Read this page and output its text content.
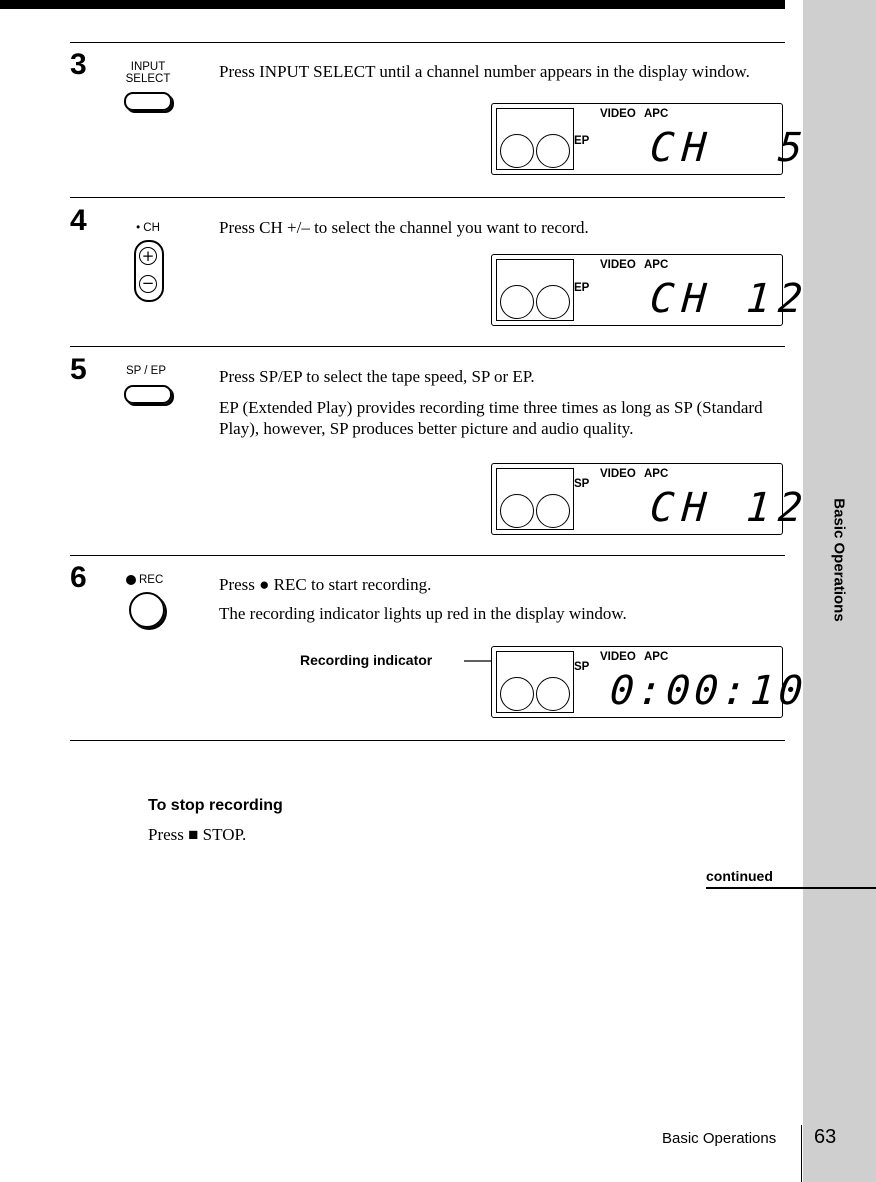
Basic Operations
3	INPUT SELECT	Press INPUT SELECT until a channel number appears in the display window.
VIDEO APC
EP CH  5
4	• CH
+
−
Press CH +/– to select the channel you want to record.
VIDEO APC
EP CH 12
5	SP / EP	Press SP/EP to select the tape speed, SP or EP.
EP (Extended Play) provides recording time three times as long as SP (Standard Play), however, SP produces better picture and audio quality.
VIDEO APC
SP
CH 12
6	REC	Press ● REC to start recording.
The recording indicator lights up red in the display window.
Recording indicator	VIDEO APC
SP
0:00:10
To stop recording
Press ■ STOP.
continued
Basic Operations 63
